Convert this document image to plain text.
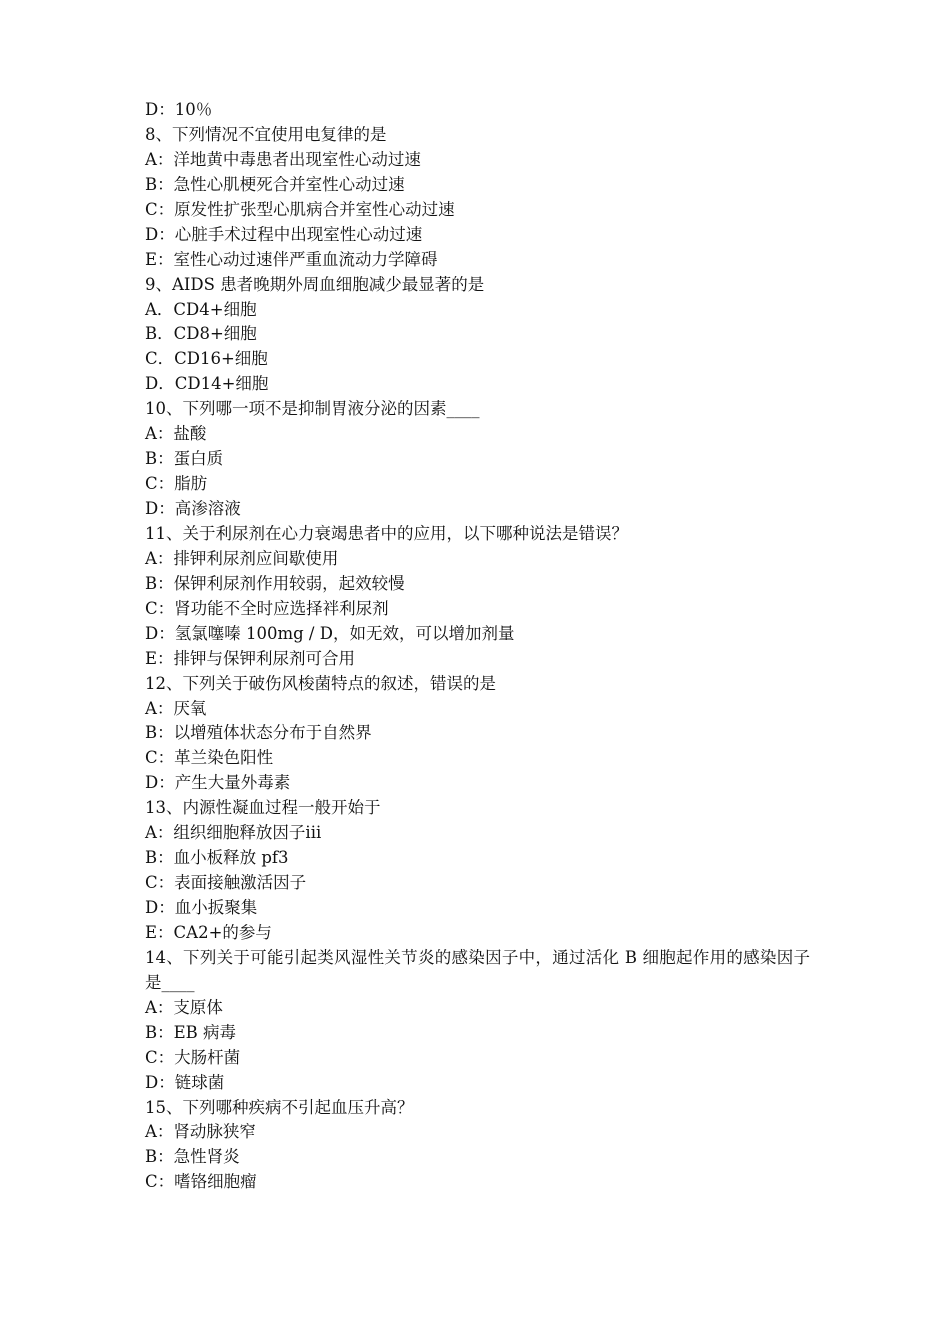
D：10％
8、下列情况不宜使用电复律的是
A：洋地黄中毒患者出现室性心动过速
B：急性心肌梗死合并室性心动过速
C：原发性扩张型心肌病合并室性心动过速
D：心脏手术过程中出现室性心动过速
E：室性心动过速伴严重血流动力学障碍
9、AIDS 患者晚期外周血细胞减少最显著的是
A．CD4+细胞
B．CD8+细胞
C．CD16+细胞
D．CD14+细胞
10、下列哪一项不是抑制胃液分泌的因素____
A：盐酸
B：蛋白质
C：脂肪
D：高渗溶液
11、关于利尿剂在心力衰竭患者中的应用，以下哪种说法是错误？
A：排钾利尿剂应间歇使用
B：保钾利尿剂作用较弱，起效较慢
C：肾功能不全时应选择袢利尿剂
D：氢氯噻嗪 100mg / D，如无效，可以增加剂量
E：排钾与保钾利尿剂可合用
12、下列关于破伤风梭菌特点的叙述，错误的是
A：厌氧
B：以增殖体状态分布于自然界
C：革兰染色阳性
D：产生大量外毒素
13、内源性凝血过程一般开始于
A：组织细胞释放因子iii
B：血小板释放 pf3
C：表面接触激活因子
D：血小扳聚集
E：CA2+的参与
14、下列关于可能引起类风湿性关节炎的感染因子中，通过活化 B 细胞起作用的感染因子是____
A：支原体
B：EB 病毒
C：大肠杆菌
D：链球菌
15、下列哪种疾病不引起血压升高？
A：肾动脉狭窄
B：急性肾炎
C：嗜铬细胞瘤
